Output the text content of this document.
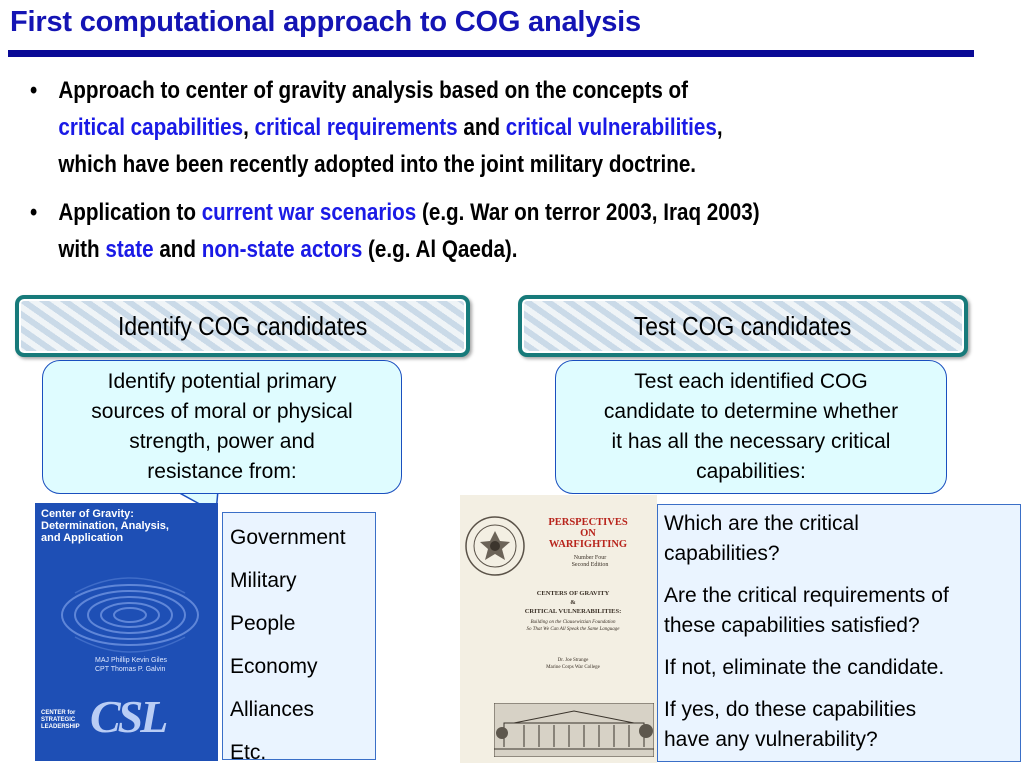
First computational approach to COG analysis
• Approach to center of gravity analysis based on the concepts of
critical capabilities, critical requirements and critical vulnerabilities,
which have been recently adopted into the joint military doctrine.
• Application to current war scenarios (e.g. War on terror 2003, Iraq 2003)
with state and non-state actors (e.g. Al Qaeda).
Identify COG candidates	Test COG candidates
Identify potential primary
sources of moral or physical
strength, power and
resistance from:
Test each identified COG
candidate to determine whether
it has all the necessary critical
capabilities:
Center of Gravity:
Determination, Analysis,
and Application
MAJ Phillip Kevin Giles
CPT Thomas P. Galvin
CENTER for
STRATEGIC
LEADERSHIP CSL
Government
Military
People
Economy
Alliances
Etc.
PERSPECTIVES
ON
WARFIGHTING
Number Four
Second Edition
CENTERS OF GRAVITY
&
CRITICAL VULNERABILITIES:
Building on the Clausewitzian Foundation
So That We Can All Speak the Same Language
Dr. Joe Strange
Marine Corps War College

Which are the critical
capabilities?

Are the critical requirements of
these capabilities satisfied?

If not, eliminate the candidate.

If yes, do these capabilities
have any vulnerability?
